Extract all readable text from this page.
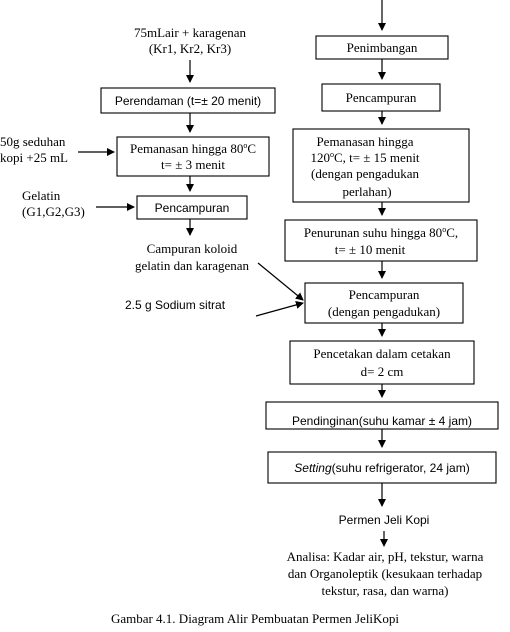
75mLair + karagenan
(Kr1, Kr2, Kr3)
Perendaman (t=± 20 menit)
50g seduhan
kopi +25 mL
Pemanasan hingga 80$^o$C
t= ± 3 menit
Gelatin
(G1,G2,G3)	Pencampuran
Campuran koloid
gelatin dan karagenan
2.5 g Sodium sitrat
Penimbangan
Pencampuran
Pemanasan hingga
120$^o$C, t= ± 15 menit
(dengan pengadukan
perlahan)
Penurunan suhu hingga 80$^o$C,
t= ± 10 menit
Pencampuran
(dengan pengadukan)
Pencetakan dalam cetakan
d= 2 cm
Pendinginan(suhu kamar ± 4 jam)
Setting(suhu refrigerator, 24 jam)
Permen Jeli Kopi
Analisa: Kadar air, pH, tekstur, warna
dan Organoleptik (kesukaan terhadap
tekstur, rasa, dan warna)
Gambar 4.1. Diagram Alir Pembuatan Permen JeliKopi
